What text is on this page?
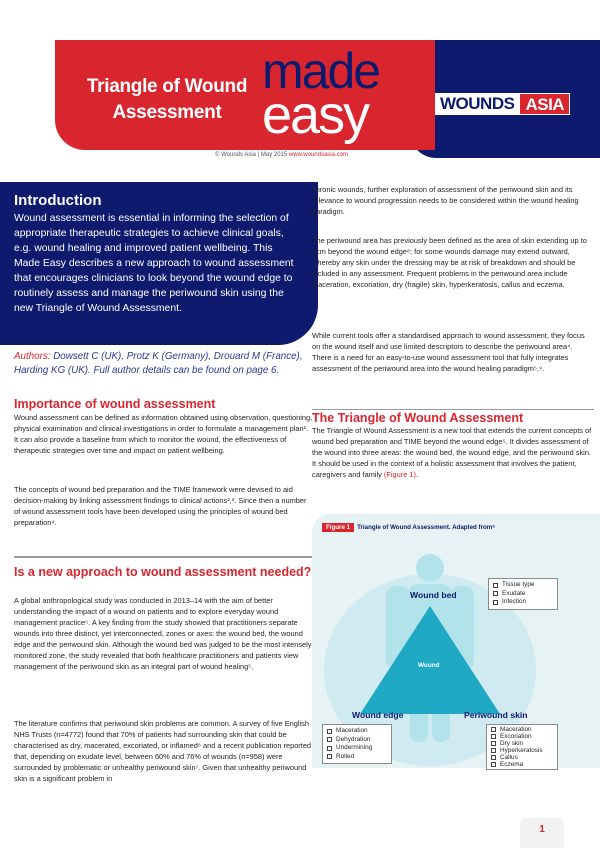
Triangle of Wound Assessment
made
easy	WOUNDS ASIA
© Wounds Asia | May 2015 www.woundsasia.com
Introduction
Wound assessment is essential in informing the selection of appropriate therapeutic strategies to achieve clinical goals, e.g. wound healing and improved patient wellbeing. This Made Easy describes a new approach to wound assessment that encourages clinicians to look beyond the wound edge to routinely assess and manage the periwound skin using the new Triangle of Wound Assessment.
Authors: Dowsett C (UK), Protz K (Germany), Drouard M (France), Harding KG (UK). Full author details can be found on page 6.
Importance of wound assessment
Wound assessment can be defined as information obtained using observation, questioning, physical examination and clinical investigations in order to formulate a management plan¹. It can also provide a baseline from which to monitor the wound, the effectiveness of therapeutic strategies over time and impact on patient wellbeing.
The concepts of wound bed preparation and the TIME framework were devised to aid decision-making by linking assessment findings to clinical actions²,³. Since then a number of wound assessment tools have been developed using the principles of wound bed preparation⁴.
Is a new approach to wound assessment needed?
A global anthropological study was conducted in 2013–14 with the aim of better understanding the impact of a wound on patients and to explore everyday wound management practice⁵. A key finding from the study showed that practitioners separate wounds into three distinct, yet interconnected, zones or axes: the wound bed, the wound edge and the periwound skin. Although the wound bed was judged to be the most intensely monitored zone, the study revealed that both healthcare practitioners and patients view management of the periwound skin as an integral part of wound healing⁵.
The literature confirms that periwound skin problems are common. A survey of five English NHS Trusts (n=4772) found that 70% of patients had surrounding skin that could be characterised as dry, macerated, excoriated, or inflamed⁶ and a recent publication reported that, depending on exudate level, between 60% and 76% of wounds (n=958) were surrounded by problematic or unhealthy periwound skin⁷. Given that unhealthy periwound skin is a significant problem in
chronic wounds, further exploration of assessment of the periwound skin and its relevance to wound progression needs to be considered within the wound healing paradigm.
The periwound area has previously been defined as the area of skin extending up to 4cm beyond the wound edge⁸; for some wounds damage may extend outward, whereby any skin under the dressing may be at risk of breakdown and should be included in any assessment. Frequent problems in the periwound area include maceration, excoriation, dry (fragile) skin, hyperkeratosis, callus and eczema.
While current tools offer a standardised approach to wound assessment, they focus on the wound itself and use limited descriptors to describe the periwound area⁴. There is a need for an easy-to-use wound assessment tool that fully integrates assessment of the periwound area into the wound healing paradigm⁵,⁹.
The Triangle of Wound Assessment
The Triangle of Wound Assessment is a new tool that extends the current concepts of wound bed preparation and TIME beyond the wound edge⁵. It divides assessment of the wound into three areas: the wound bed, the wound edge, and the periwound skin. It should be used in the context of a holistic assessment that involves the patient, caregivers and family (Figure 1).
Figure 1 Triangle of Wound Assessment. Adapted from⁵
Wound bed
Wound
Wound edge	Periwound skin
Tissue type
Exudate
Infection
Maceration
Dehydration
Undermining
Rolled
Maceration
Excoriation
Dry skin
Hyperkeratosis
Callus
Eczema
1
